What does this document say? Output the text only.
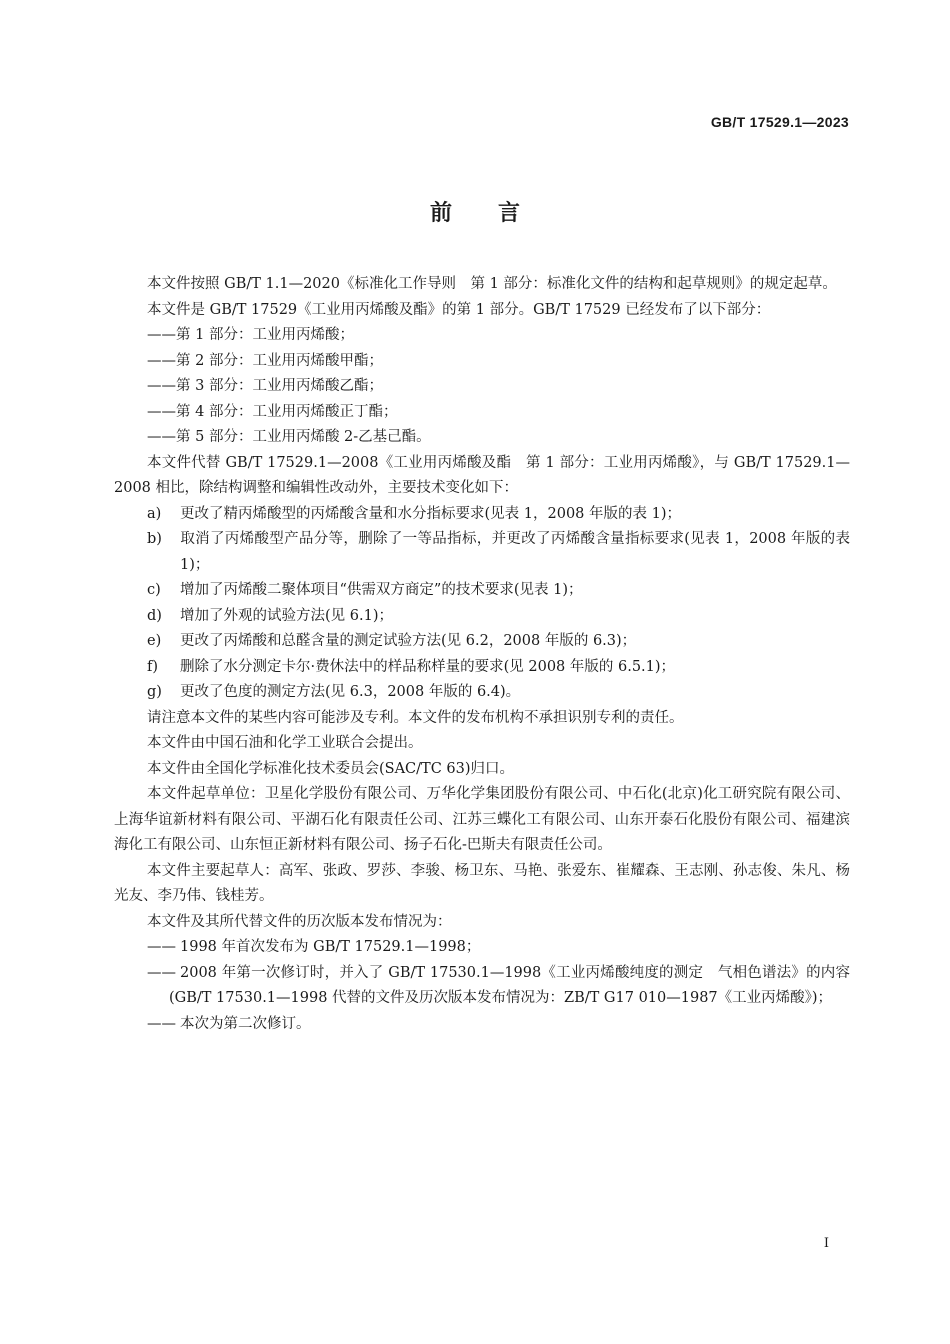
GB/T 17529.1—2023
前言

本文件按照 GB/T 1.1—2020《标准化工作导则　第 1 部分：标准化文件的结构和起草规则》的规定起草。

本文件是 GB/T 17529《工业用丙烯酸及酯》的第 1 部分。GB/T 17529 已经发布了以下部分：

——第 1 部分：工业用丙烯酸；

——第 2 部分：工业用丙烯酸甲酯；

——第 3 部分：工业用丙烯酸乙酯；

——第 4 部分：工业用丙烯酸正丁酯；

——第 5 部分：工业用丙烯酸 2-乙基己酯。

本文件代替 GB/T 17529.1—2008《工业用丙烯酸及酯　第 1 部分：工业用丙烯酸》，与 GB/T 17529.1—2008 相比，除结构调整和编辑性改动外，主要技术变化如下：

a) 更改了精丙烯酸型的丙烯酸含量和水分指标要求(见表 1，2008 年版的表 1)；

b) 取消了丙烯酸型产品分等，删除了一等品指标，并更改了丙烯酸含量指标要求(见表 1，2008 年版的表 1)；

c) 增加了丙烯酸二聚体项目“供需双方商定”的技术要求(见表 1)；

d) 增加了外观的试验方法(见 6.1)；

e) 更改了丙烯酸和总醛含量的测定试验方法(见 6.2，2008 年版的 6.3)；

f) 删除了水分测定卡尔·费休法中的样品称样量的要求(见 2008 年版的 6.5.1)；

g) 更改了色度的测定方法(见 6.3，2008 年版的 6.4)。

请注意本文件的某些内容可能涉及专利。本文件的发布机构不承担识别专利的责任。

本文件由中国石油和化学工业联合会提出。

本文件由全国化学标准化技术委员会(SAC/TC 63)归口。

本文件起草单位：卫星化学股份有限公司、万华化学集团股份有限公司、中石化(北京)化工研究院有限公司、上海华谊新材料有限公司、平湖石化有限责任公司、江苏三蝶化工有限公司、山东开泰石化股份有限公司、福建滨海化工有限公司、山东恒正新材料有限公司、扬子石化-巴斯夫有限责任公司。

本文件主要起草人：高军、张政、罗莎、李骏、杨卫东、马艳、张爱东、崔耀森、王志刚、孙志俊、朱凡、杨光友、李乃伟、钱桂芳。

本文件及其所代替文件的历次版本发布情况为：

—— 1998 年首次发布为 GB/T 17529.1—1998；

—— 2008 年第一次修订时，并入了 GB/T 17530.1—1998《工业丙烯酸纯度的测定　气相色谱法》的内容(GB/T 17530.1—1998 代替的文件及历次版本发布情况为：ZB/T G17 010—1987《工业丙烯酸》)；

—— 本次为第二次修订。

I
